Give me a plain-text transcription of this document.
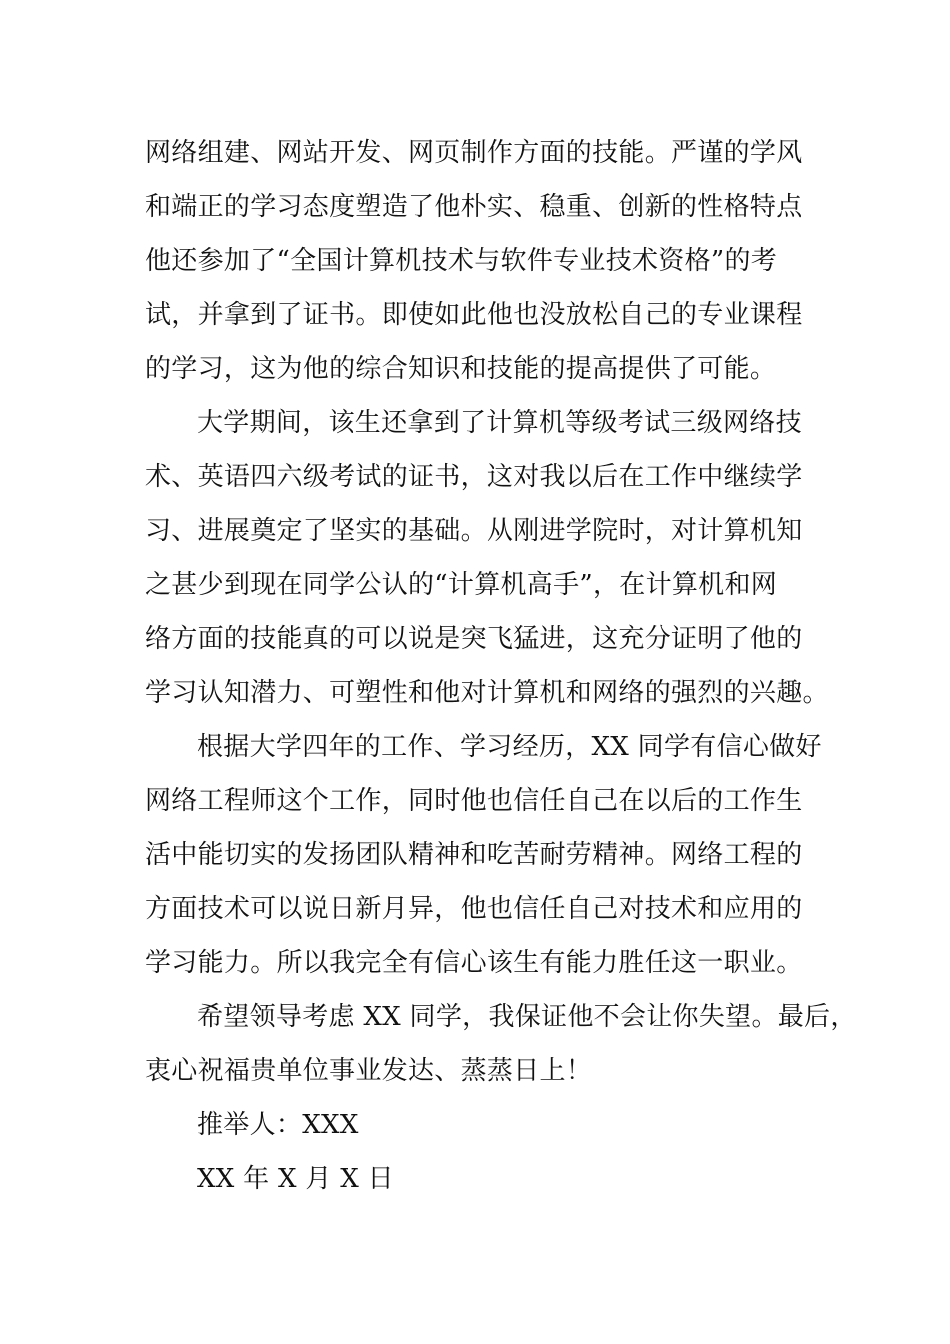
网络组建、网站开发、网页制作方面的技能。严谨的学风
和端正的学习态度塑造了他朴实、稳重、创新的性格特点
他还参加了“全国计算机技术与软件专业技术资格”的考
试，并拿到了证书。即使如此他也没放松自己的专业课程
的学习，这为他的综合知识和技能的提高提供了可能。
大学期间，该生还拿到了计算机等级考试三级网络技
术、英语四六级考试的证书，这对我以后在工作中继续学
习、进展奠定了坚实的基础。从刚进学院时，对计算机知
之甚少到现在同学公认的“计算机高手”，在计算机和网
络方面的技能真的可以说是突飞猛进，这充分证明了他的
学习认知潜力、可塑性和他对计算机和网络的强烈的兴趣。
根据大学四年的工作、学习经历，XX 同学有信心做好
网络工程师这个工作，同时他也信任自己在以后的工作生
活中能切实的发扬团队精神和吃苦耐劳精神。网络工程的
方面技术可以说日新月异，他也信任自己对技术和应用的
学习能力。所以我完全有信心该生有能力胜任这一职业。
希望领导考虑 XX 同学，我保证他不会让你失望。最后，
衷心祝福贵单位事业发达、蒸蒸日上！
推举人：XXX
XX 年 X 月 X 日
